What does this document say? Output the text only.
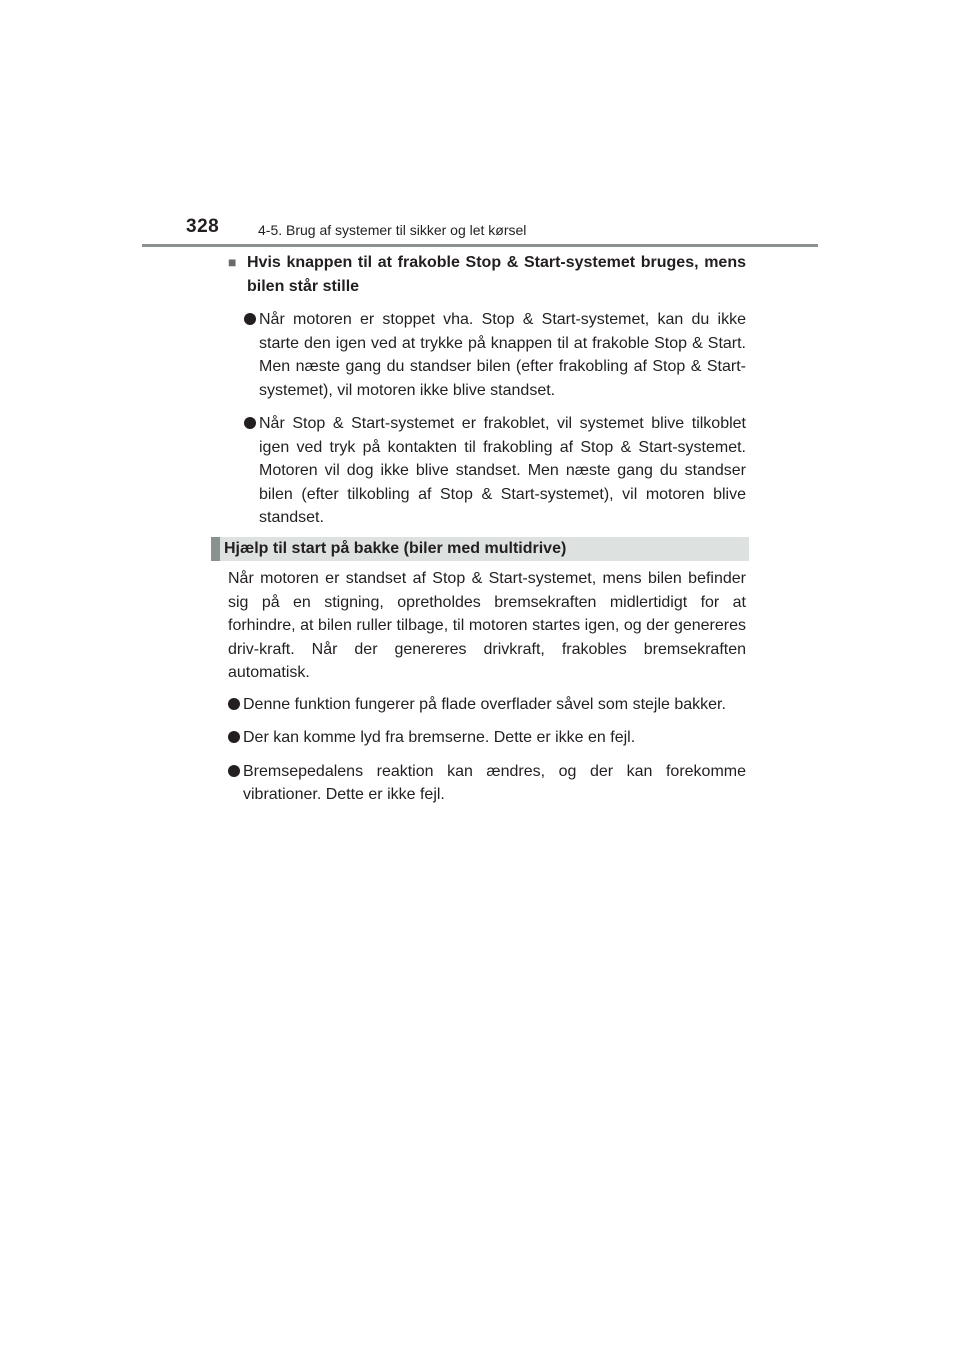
328	4-5. Brug af systemer til sikker og let kørsel
■ Hvis knappen til at frakoble Stop & Start-systemet bruges, mens bilen står stille
Når motoren er stoppet vha. Stop & Start-systemet, kan du ikke starte den igen ved at trykke på knappen til at frakoble Stop & Start. Men næste gang du standser bilen (efter frakobling af Stop & Start-systemet), vil motoren ikke blive standset.
Når Stop & Start-systemet er frakoblet, vil systemet blive tilkoblet igen ved tryk på kontakten til frakobling af Stop & Start-systemet. Motoren vil dog ikke blive standset. Men næste gang du standser bilen (efter tilkobling af Stop & Start-systemet), vil motoren blive standset.
Hjælp til start på bakke (biler med multidrive)
Når motoren er standset af Stop & Start-systemet, mens bilen befinder sig på en stigning, opretholdes bremsekraften midlertidigt for at forhindre, at bilen ruller tilbage, til motoren startes igen, og der genereres driv-kraft. Når der genereres drivkraft, frakobles bremsekraften automatisk.
Denne funktion fungerer på flade overflader såvel som stejle bakker.
Der kan komme lyd fra bremserne. Dette er ikke en fejl.
Bremsepedalens reaktion kan ændres, og der kan forekomme vibrationer. Dette er ikke fejl.
